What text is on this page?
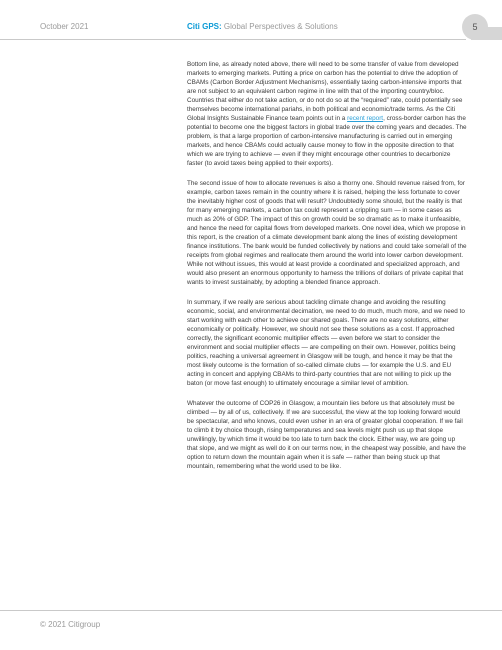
October 2021	Citi GPS: Global Perspectives & Solutions	5

Bottom line, as already noted above, there will need to be some transfer of value from developed markets to emerging markets. Putting a price on carbon has the potential to drive the adoption of CBAMs (Carbon Border Adjustment Mechanisms), essentially taxing carbon-intensive imports that are not subject to an equivalent carbon regime in line with that of the importing country/bloc. Countries that either do not take action, or do not do so at the “required” rate, could potentially see themselves become international pariahs, in both political and economic/trade terms. As the Citi Global Insights Sustainable Finance team points out in a recent report, cross-border carbon has the potential to become one the biggest factors in global trade over the coming years and decades. The problem, is that a large proportion of carbon-intensive manufacturing is carried out in emerging markets, and hence CBAMs could actually cause money to flow in the opposite direction to that which we are trying to achieve — even if they might encourage other countries to decarbonize faster (to avoid taxes being applied to their exports).

The second issue of how to allocate revenues is also a thorny one. Should revenue raised from, for example, carbon taxes remain in the country where it is raised, helping the less fortunate to cover the inevitably higher cost of goods that will result? Undoubtedly some should, but the reality is that for many emerging markets, a carbon tax could represent a crippling sum — in some cases as much as 20% of GDP. The impact of this on growth could be so dramatic as to make it unfeasible, and hence the need for capital flows from developed markets. One novel idea, which we propose in this report, is the creation of a climate development bank along the lines of existing development finance institutions. The bank would be funded collectively by nations and could take some/all of the receipts from global regimes and reallocate them around the world into lower carbon development. While not without issues, this would at least provide a coordinated and specialized approach, and would also present an enormous opportunity to harness the trillions of dollars of private capital that wants to invest sustainably, by adopting a blended finance approach.

In summary, if we really are serious about tackling climate change and avoiding the resulting economic, social, and environmental decimation, we need to do much, much more, and we need to start working with each other to achieve our shared goals. There are no easy solutions, either economically or politically. However, we should not see these solutions as a cost. If approached correctly, the significant economic multiplier effects — even before we start to consider the environment and social multiplier effects — are compelling on their own. However, politics being politics, reaching a universal agreement in Glasgow will be tough, and hence it may be that the most likely outcome is the formation of so-called climate clubs — for example the U.S. and EU acting in concert and applying CBAMs to third-party countries that are not willing to pick up the baton (or move fast enough) to ultimately encourage a similar level of ambition.

Whatever the outcome of COP26 in Glasgow, a mountain lies before us that absolutely must be climbed — by all of us, collectively. If we are successful, the view at the top looking forward would be spectacular, and who knows, could even usher in an era of greater global cooperation. If we fail to climb it by choice though, rising temperatures and sea levels might push us up that slope unwillingly, by which time it would be too late to turn back the clock. Either way, we are going up that slope, and we might as well do it on our terms now, in the cheapest way possible, and have the option to return down the mountain again when it is safe — rather than being stuck up that mountain, remembering what the world used to be like.

© 2021 Citigroup
